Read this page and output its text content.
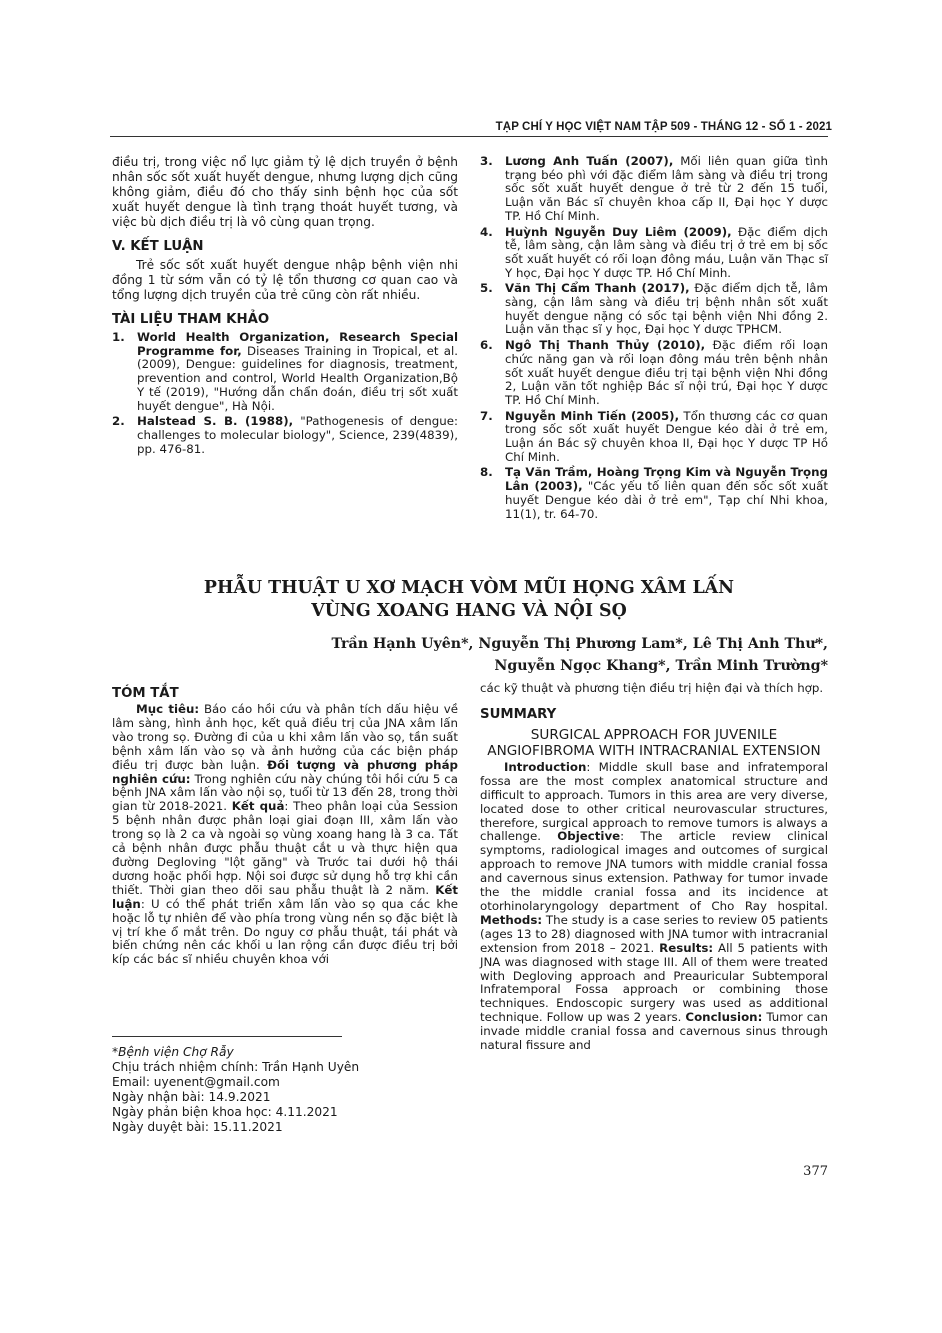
TẠP CHÍ Y HỌC VIỆT NAM TẬP 509 - THÁNG 12 - SỐ 1 - 2021

điều trị, trong việc nổ lực giảm tỷ lệ dịch truyền ở bệnh nhân sốc sốt xuất huyết dengue, nhưng lượng dịch cũng không giảm, điều đó cho thấy sinh bệnh học của sốt xuất huyết dengue là tình trạng thoát huyết tương, và việc bù dịch điều trị là vô cùng quan trọng.

V. KẾT LUẬN

Trẻ sốc sốt xuất huyết dengue nhập bệnh viện nhi đồng 1 từ sớm vẫn có tỷ lệ tổn thương cơ quan cao và tổng lượng dịch truyền của trẻ cũng còn rất nhiều.

TÀI LIỆU THAM KHẢO

1.	World Health Organization, Research Special Programme for, Diseases Training in Tropical, et al. (2009), Dengue: guidelines for diagnosis, treatment, prevention and control, World Health Organization,Bộ Y tế (2019), "Hướng dẫn chẩn đoán, điều trị sốt xuất huyết dengue", Hà Nội.
2.	Halstead S. B. (1988), "Pathogenesis of dengue: challenges to molecular biology", Science, 239(4839), pp. 476-81.
3.	Lương Anh Tuấn (2007), Mối liên quan giữa tình trạng béo phì với đặc điểm lâm sàng và điều trị trong sốc sốt xuất huyết dengue ở trẻ từ 2 đến 15 tuổi, Luận văn Bác sĩ chuyên khoa cấp II, Đại học Y dược TP. Hồ Chí Minh.
4.	Huỳnh Nguyễn Duy Liêm (2009), Đặc điểm dịch tễ, lâm sàng, cận lâm sàng và điều trị ở trẻ em bị sốc sốt xuất huyết có rối loạn đông máu, Luận văn Thạc sĩ Y học, Đại học Y dược TP. Hồ Chí Minh.
5.	Văn Thị Cẩm Thanh (2017), Đặc điểm dịch tễ, lâm sàng, cận lâm sàng và điều trị bệnh nhân sốt xuất huyết dengue nặng có sốc tại bệnh viện Nhi đồng 2. Luận văn thạc sĩ y học, Đại học Y dược TPHCM.
6.	Ngô Thị Thanh Thủy (2010), Đặc điểm rối loạn chức năng gan và rối loạn đông máu trên bệnh nhân sốt xuất huyết dengue điều trị tại bệnh viện Nhi đồng 2, Luận văn tốt nghiệp Bác sĩ nội trú, Đại học Y dược TP. Hồ Chí Minh.
7.	Nguyễn Minh Tiến (2005), Tổn thương các cơ quan trong sốc sốt xuất huyết Dengue kéo dài ở trẻ em, Luận án Bác sỹ chuyên khoa II, Đại học Y dược TP Hồ Chí Minh.
8.	Tạ Văn Trầm, Hoàng Trọng Kim và Nguyễn Trọng Lân (2003), "Các yếu tố liên quan đến sốc sốt xuất huyết Dengue kéo dài ở trẻ em", Tạp chí Nhi khoa, 11(1), tr. 64-70.
PHẪU THUẬT U XƠ MẠCH VÒM MŨI HỌNG XÂM LẤN
VÙNG XOANG HANG VÀ NỘI SỌ
Trần Hạnh Uyên*, Nguyễn Thị Phương Lam*, Lê Thị Anh Thư*,
Nguyễn Ngọc Khang*, Trần Minh Trường*

TÓM TẮT

Mục tiêu: Báo cáo hồi cứu và phân tích dấu hiệu về lâm sàng, hình ảnh học, kết quả điều trị của JNA xâm lấn vào trong sọ. Đường đi của u khi xâm lấn vào sọ, tần suất bệnh xâm lấn vào sọ và ảnh hưởng của các biện pháp điều trị được bàn luận. Đối tượng và phương pháp nghiên cứu: Trong nghiên cứu này chúng tôi hồi cứu 5 ca bệnh JNA xâm lấn vào nội sọ, tuổi từ 13 đến 28, trong thời gian từ 2018-2021. Kết quả: Theo phân loại của Session 5 bệnh nhân được phân loại giai đoạn III, xâm lấn vào trong sọ là 2 ca và ngoài sọ vùng xoang hang là 3 ca. Tất cả bệnh nhân được phẫu thuật cắt u và thực hiện qua đường Degloving "lột găng" và Trước tai dưới hộ thái dương hoặc phối hợp. Nội soi được sử dụng hỗ trợ khi cần thiết. Thời gian theo dõi sau phẫu thuật là 2 năm. Kết luận: U có thể phát triển xâm lấn vào sọ qua các khe hoặc lỗ tự nhiên để vào phía trong vùng nền sọ đặc biệt là vị trí khe ổ mắt trên. Do nguy cơ phẫu thuật, tái phát và biến chứng nên các khối u lan rộng cần được điều trị bởi kíp các bác sĩ nhiều chuyên khoa với

*Bệnh viện Chợ Rẫy
Chịu trách nhiệm chính: Trần Hạnh Uyên
Email: uyenent@gmail.com
Ngày nhận bài: 14.9.2021
Ngày phản biện khoa học: 4.11.2021
Ngày duyệt bài: 15.11.2021

các kỹ thuật và phương tiện điều trị hiện đại và thích hợp.

SUMMARY

SURGICAL APPROACH FOR JUVENILE ANGIOFIBROMA WITH INTRACRANIAL EXTENSION

Introduction: Middle skull base and infratemporal fossa are the most complex anatomical structure and difficult to approach. Tumors in this area are very diverse, located dose to other critical neurovascular structures, therefore, surgical approach to remove tumors is always a challenge. Objective: The article review clinical symptoms, radiological images and outcomes of surgical approach to remove JNA tumors with middle cranial fossa and cavernous sinus extension. Pathway for tumor invade the the middle cranial fossa and its incidence at otorhinolaryngology department of Cho Ray hospital. Methods: The study is a case series to review 05 patients (ages 13 to 28) diagnosed with JNA tumor with intracranial extension from 2018 – 2021. Results: All 5 patients with JNA was diagnosed with stage III. All of them were treated with Degloving approach and Preauricular Subtemporal Infratemporal Fossa approach or combining those techniques. Endoscopic surgery was used as additional technique. Follow up was 2 years. Conclusion: Tumor can invade middle cranial fossa and cavernous sinus through natural fissure and

377
